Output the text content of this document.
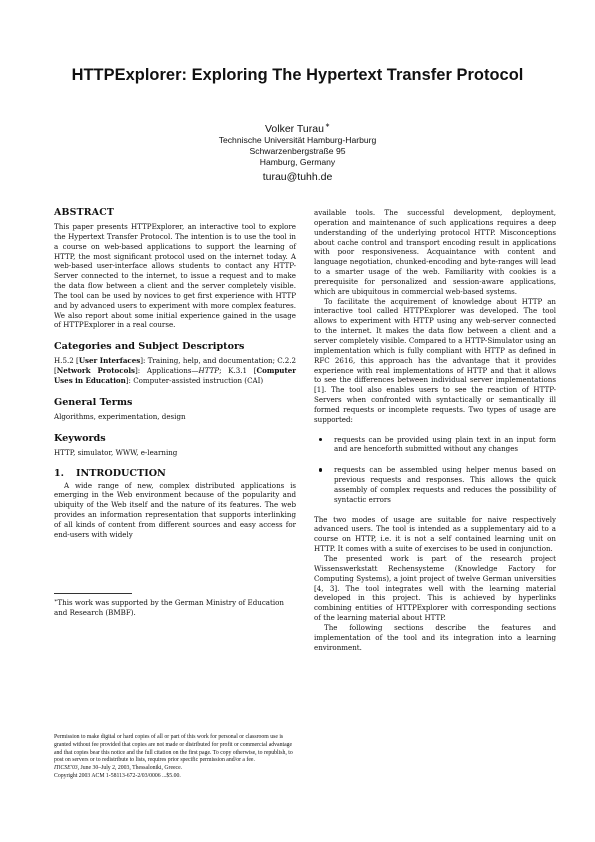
HTTPExplorer: Exploring The Hypertext Transfer Protocol
Volker Turau∗
Technische Universität Hamburg-Harburg
Schwarzenbergstraße 95
Hamburg, Germany
turau@tuhh.de
ABSTRACT

This paper presents HTTPExplorer, an interactive tool to explore the Hypertext Transfer Protocol. The intention is to use the tool in a course on web-based applications to support the learning of HTTP, the most significant protocol used on the internet today. A web-based user-interface allows students to contact any HTTP-Server connected to the internet, to issue a request and to make the data flow between a client and the server completely visible. The tool can be used by novices to get first experience with HTTP and by advanced users to experiment with more complex features. We also report about some initial experience gained in the usage of HTTPExplorer in a real course.

Categories and Subject Descriptors

H.5.2 [User Interfaces]: Training, help, and documentation; C.2.2 [Network Protocols]: Applications—HTTP; K.3.1 [Computer Uses in Education]: Computer-assisted instruction (CAI)

General Terms

Algorithms, experimentation, design

Keywords

HTTP, simulator, WWW, e-learning

1. INTRODUCTION

A wide range of new, complex distributed applications is emerging in the Web environment because of the popularity and ubiquity of the Web itself and the nature of its features. The web provides an information representation that supports interlinking of all kinds of content from different sources and easy access for end-users with widely

∗This work was supported by the German Ministry of Education and Research (BMBF).
Permission to make digital or hard copies of all or part of this work for personal or classroom use is granted without fee provided that copies are not made or distributed for profit or commercial advantage and that copies bear this notice and the full citation on the first page. To copy otherwise, to republish, to post on servers or to redistribute to lists, requires prior specific permission and/or a fee.
ITiCSE'03, June 30–July 2, 2003, Thessaloniki, Greece.
Copyright 2003 ACM 1-58113-672-2/03/0006 ...$5.00.

available tools. The successful development, deployment, operation and maintenance of such applications requires a deep understanding of the underlying protocol HTTP. Misconceptions about cache control and transport encoding result in applications with poor responsiveness. Acquaintance with content and language negotiation, chunked-encoding and byte-ranges will lead to a smarter usage of the web. Familiarity with cookies is a prerequisite for personalized and session-aware applications, which are ubiquitous in commercial web-based systems.

To facilitate the acquirement of knowledge about HTTP an interactive tool called HTTPExplorer was developed. The tool allows to experiment with HTTP using any web-server connected to the internet. It makes the data flow between a client and a server completely visible. Compared to a HTTP-Simulator using an implementation which is fully compliant with HTTP as defined in RFC 2616, this approach has the advantage that it provides experience with real implementations of HTTP and that it allows to see the differences between individual server implementations [1]. The tool also enables users to see the reaction of HTTP-Servers when confronted with syntactically or semantically ill formed requests or incomplete requests. Two types of usage are supported:

requests can be provided using plain text in an input form and are henceforth submitted without any changes
requests can be assembled using helper menus based on previous requests and responses. This allows the quick assembly of complex requests and reduces the possibility of syntactic errors

The two modes of usage are suitable for naive respectively advanced users. The tool is intended as a supplementary aid to a course on HTTP, i.e. it is not a self contained learning unit on HTTP. It comes with a suite of exercises to be used in conjunction.

The presented work is part of the research project Wissenswerkstatt Rechensysteme (Knowledge Factory for Computing Systems), a joint project of twelve German universities [4, 3]. The tool integrates well with the learning material developed in this project. This is achieved by hyperlinks combining entities of HTTPExplorer with corresponding sections of the learning material about HTTP.

The following sections describe the features and implementation of the tool and its integration into a learning environment.
